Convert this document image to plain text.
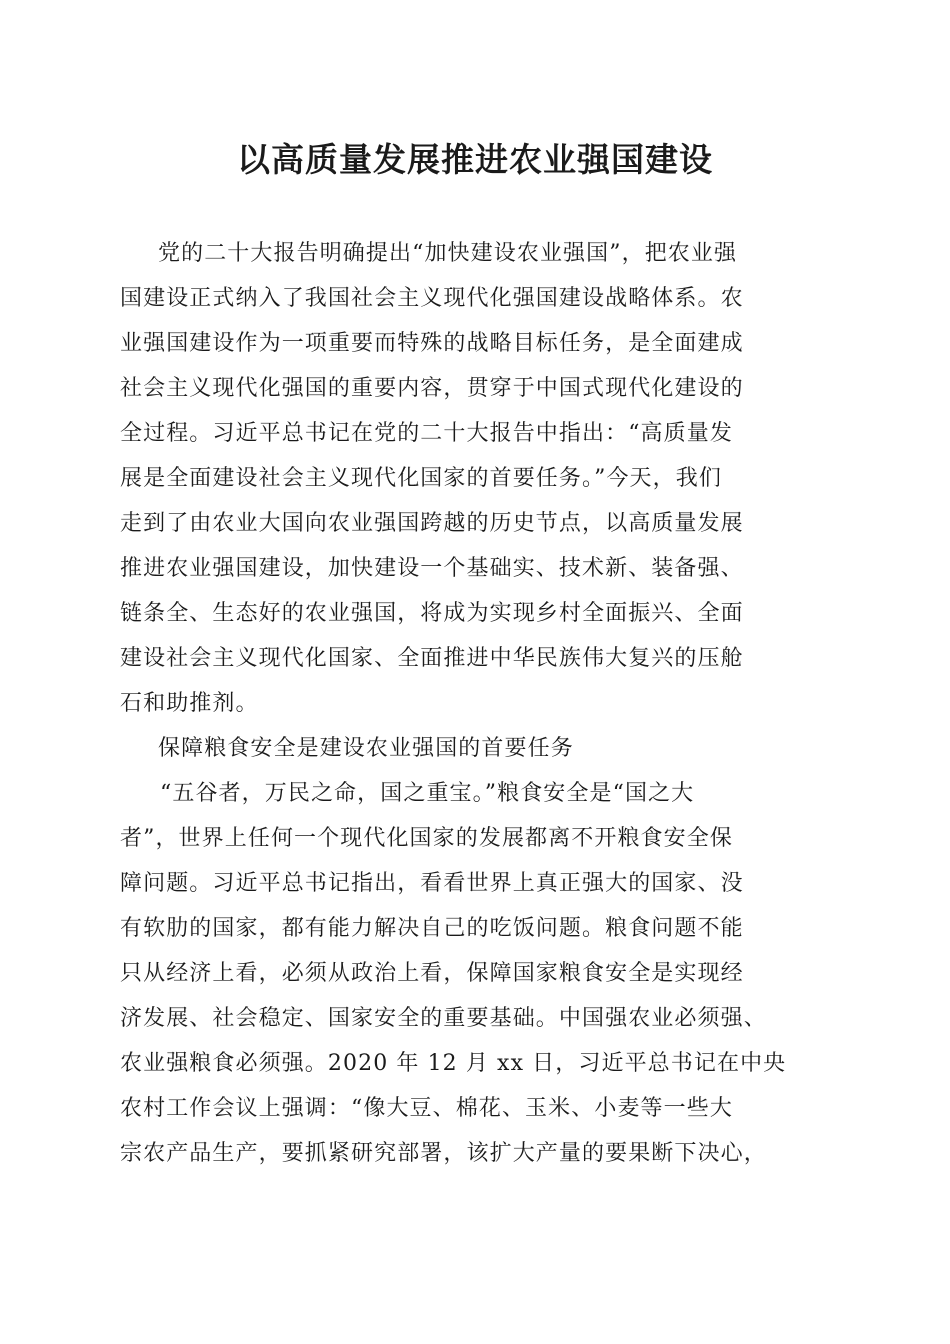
以高质量发展推进农业强国建设
党的二十大报告明确提出“加快建设农业强国”，把农业强
国建设正式纳入了我国社会主义现代化强国建设战略体系。农
业强国建设作为一项重要而特殊的战略目标任务，是全面建成
社会主义现代化强国的重要内容，贯穿于中国式现代化建设的
全过程。习近平总书记在党的二十大报告中指出：“高质量发
展是全面建设社会主义现代化国家的首要任务。”今天，我们
走到了由农业大国向农业强国跨越的历史节点，以高质量发展
推进农业强国建设，加快建设一个基础实、技术新、装备强、
链条全、生态好的农业强国，将成为实现乡村全面振兴、全面
建设社会主义现代化国家、全面推进中华民族伟大复兴的压舱
石和助推剂。
保障粮食安全是建设农业强国的首要任务
“五谷者，万民之命，国之重宝。”粮食安全是“国之大
者”，世界上任何一个现代化国家的发展都离不开粮食安全保
障问题。习近平总书记指出，看看世界上真正强大的国家、没
有软肋的国家，都有能力解决自己的吃饭问题。粮食问题不能
只从经济上看，必须从政治上看，保障国家粮食安全是实现经
济发展、社会稳定、国家安全的重要基础。中国强农业必须强、
农业强粮食必须强。2020 年 12 月 xx 日，习近平总书记在中央
农村工作会议上强调：“像大豆、棉花、玉米、小麦等一些大
宗农产品生产，要抓紧研究部署，该扩大产量的要果断下决心，
